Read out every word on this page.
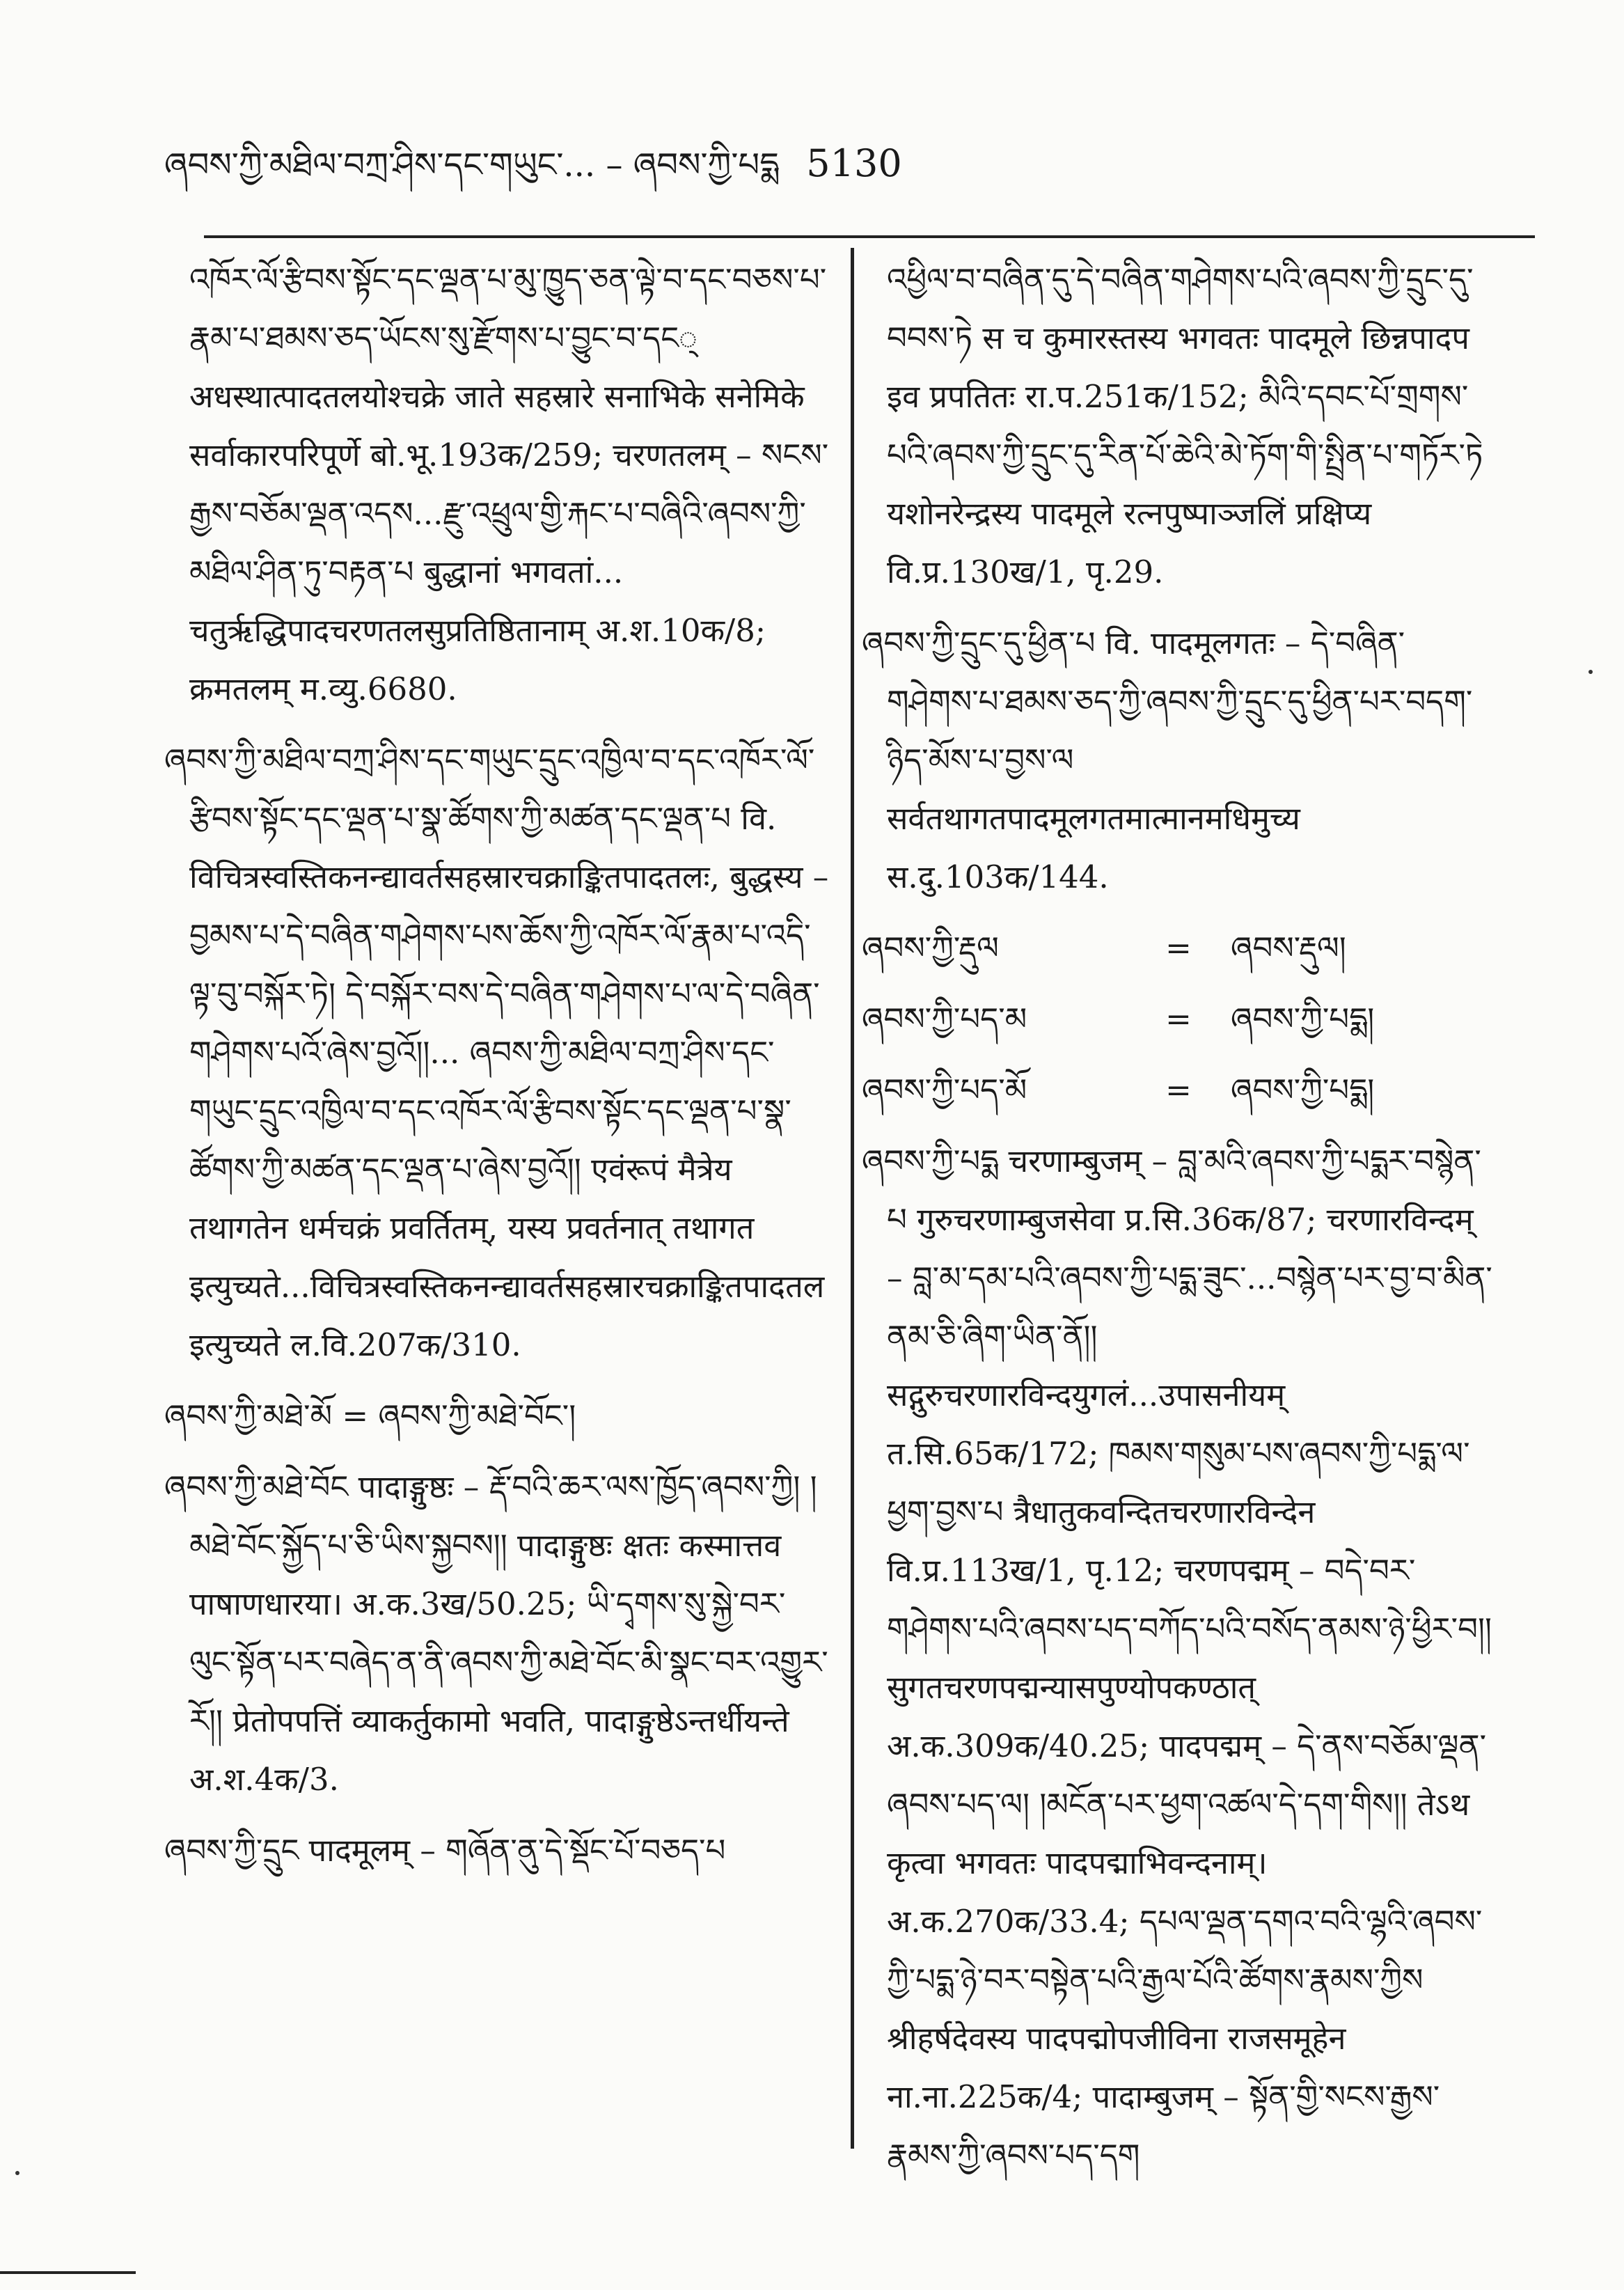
ཞབས་ཀྱི་མཐིལ་བཀྲ་ཤིས་དང་གཡུང་... – ཞབས་ཀྱི་པདྨ 5130

འཁོར་ལོ་རྩིབས་སྟོང་དང་ལྡན་པ་མུ་ཁྱུད་ཅན་ལྟེ་བ་དང་བཅས་པ་རྣམ་པ་ཐམས་ཅད་ཡོངས་སུ་རྫོགས་པ་བྱུང་བ་དང् अधस्थात्पादतलयोश्चक्रे जाते सहस्रारे सनाभिके सनेमिके सर्वाकारपरिपूर्णे बो.भू.193क/259; चरणतलम् – སངས་རྒྱས་བཅོམ་ལྡན་འདས...རྫུ་འཕྲུལ་གྱི་རྐང་པ་བཞིའི་ཞབས་ཀྱི་མཐིལ་ཤིན་ཏུ་བརྟན་པ बुद्धानां भगवतां... चतुर्ऋद्धिपादचरणतलसुप्रतिष्ठितानाम् अ.श.10क/8; क्रमतलम् म.व्यु.6680.

ཞབས་ཀྱི་མཐིལ་བཀྲ་ཤིས་དང་གཡུང་དྲུང་འཁྱིལ་བ་དང་འཁོར་ལོ་རྩིབས་སྟོང་དང་ལྡན་པ་སྣ་ཚོགས་ཀྱི་མཚན་དང་ལྡན་པ वि. विचित्रस्वस्तिकनन्द्यावर्तसहस्रारचक्राङ्कितपादतलः, बुद्धस्य – བྱམས་པ་དེ་བཞིན་གཤེགས་པས་ཆོས་ཀྱི་འཁོར་ལོ་རྣམ་པ་འདི་ལྟ་བུ་བསྐོར་ཏེ། དེ་བསྐོར་བས་དེ་བཞིན་གཤེགས་པ་ལ་དེ་བཞིན་གཤེགས་པའོ་ཞེས་བྱའོ།།... ཞབས་ཀྱི་མཐིལ་བཀྲ་ཤིས་དང་གཡུང་དྲུང་འཁྱིལ་བ་དང་འཁོར་ལོ་རྩིབས་སྟོང་དང་ལྡན་པ་སྣ་ཚོགས་ཀྱི་མཚན་དང་ལྡན་པ་ཞེས་བྱའོ།། एवंरूपं मैत्रेय तथागतेन धर्मचक्रं प्रवर्तितम्, यस्य प्रवर्तनात् तथागत इत्युच्यते...विचित्रस्वस्तिकनन्द्यावर्तसहस्रारचक्राङ्कितपादतल इत्युच्यते ल.वि.207क/310.

ཞབས་ཀྱི་མཐེ་མོ = ཞབས་ཀྱི་མཐེ་བོང་།

ཞབས་ཀྱི་མཐེ་བོང पादाङ्गुष्ठः – རྡོ་བའི་ཆར་ལས་ཁྱོད་ཞབས་ཀྱི། །མཐེ་བོང་སྐྱོད་པ་ཅི་ཡིས་སྐྱབས།། पादाङ्गुष्ठः क्षतः कस्मात्तव पाषाणधारया। अ.क.3ख/50.25; ཡི་དྭགས་སུ་སྐྱེ་བར་ལུང་སྟོན་པར་བཞེད་ན་ནི་ཞབས་ཀྱི་མཐེ་བོང་མི་སྣང་བར་འགྱུར་རོ།། प्रेतोपपत्तिं व्याकर्तुकामो भवति, पादाङ्गुष्ठेऽन्तर्धीयन्ते अ.श.4क/3.

ཞབས་ཀྱི་དྲུང पादमूलम् – གཞོན་ནུ་དེ་སྡོང་པོ་བཅད་པ

འཕྱིལ་བ་བཞིན་དུ་དེ་བཞིན་གཤེགས་པའི་ཞབས་ཀྱི་དྲུང་དུ་བབས་ཏེ स च कुमारस्तस्य भगवतः पादमूले छिन्नपादप इव प्रपतितः रा.प.251क/152; མིའི་དབང་པོ་གྲགས་པའི་ཞབས་ཀྱི་དྲུང་དུ་རིན་པོ་ཆེའི་མེ་ཏོག་གི་སྤྲིན་པ་གཏོར་ཏེ यशोनरेन्द्रस्य पादमूले रत्नपुष्पाञ्जलिं प्रक्षिप्य वि.प्र.130ख/1, पृ.29.

ཞབས་ཀྱི་དྲུང་དུ་ཕྱིན་པ वि. पादमूलगतः – དེ་བཞིན་གཤེགས་པ་ཐམས་ཅད་ཀྱི་ཞབས་ཀྱི་དྲུང་དུ་ཕྱིན་པར་བདག་ཉིད་མོས་པ་བྱས་ལ सर्वतथागतपादमूलगतमात्मानमधिमुच्य स.दु.103क/144.

ཞབས་ཀྱི་རྡུལ	= ཞབས་རྡུལ།
ཞབས་ཀྱི་པད་མ	= ཞབས་ཀྱི་པདྨ།
ཞབས་ཀྱི་པད་མོ	= ཞབས་ཀྱི་པདྨ།

ཞབས་ཀྱི་པདྨ चरणाम्बुजम् – བླ་མའི་ཞབས་ཀྱི་པདྨར་བསྙེན་པ गुरुचरणाम्बुजसेवा प्र.सि.36क/87; चरणारविन्दम् – བླ་མ་དམ་པའི་ཞབས་ཀྱི་པདྨ་ཟུང་...བསྙེན་པར་བྱ་བ་མིན་ནམ་ཅི་ཞིག་ཡིན་ནོ།། सद्गुरुचरणारविन्दयुगलं...उपासनीयम् त.सि.65क/172; ཁམས་གསུམ་པས་ཞབས་ཀྱི་པདྨ་ལ་ཕྱག་བྱས་པ त्रैधातुकवन्दितचरणारविन्देन वि.प्र.113ख/1, पृ.12; चरणपद्मम् – བདེ་བར་གཤེགས་པའི་ཞབས་པད་བཀོད་པའི་བསོད་ནམས་ཉེ་ཕྱིར་བ།། सुगतचरणपद्मन्यासपुण्योपकण्ठात् अ.क.309क/40.25; पादपद्मम् – དེ་ནས་བཅོམ་ལྡན་ཞབས་པད་ལ། །མངོན་པར་ཕྱག་འཚལ་དེ་དག་གིས།། तेऽथ कृत्वा भगवतः पादपद्माभिवन्दनाम्। अ.क.270क/33.4; དཔལ་ལྡན་དགའ་བའི་ལྷའི་ཞབས་ཀྱི་པདྨ་ཉེ་བར་བསྟེན་པའི་རྒྱལ་པོའི་ཚོགས་རྣམས་ཀྱིས श्रीहर्षदेवस्य पादपद्मोपजीविना राजसमूहेन ना.ना.225क/4; पादाम्बुजम् – སྟོན་གྱི་སངས་རྒྱས་རྣམས་ཀྱི་ཞབས་པད་དག
